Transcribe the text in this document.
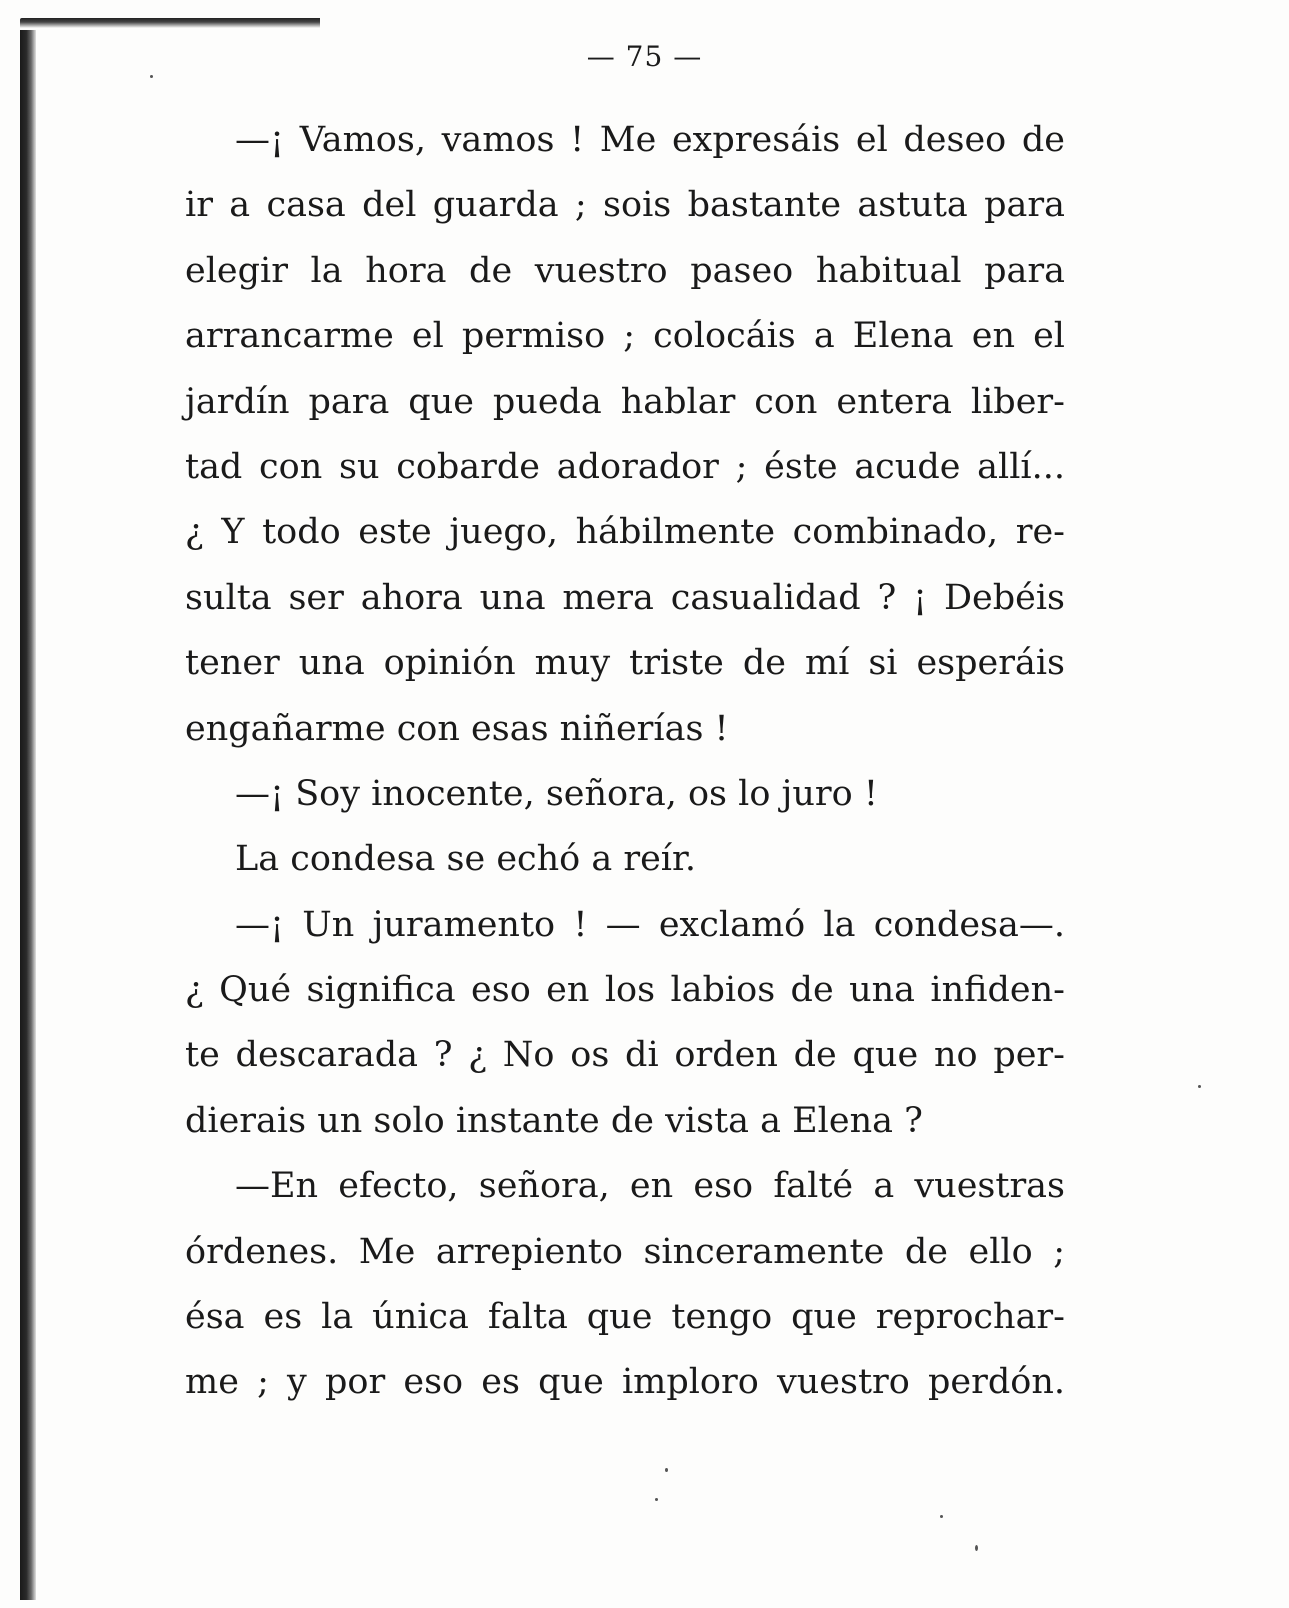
— 75 —
—¡ Vamos, vamos ! Me expresáis el deseo de
ir a casa del guarda ; sois bastante astuta para
elegir la hora de vuestro paseo habitual para
arrancarme el permiso ; colocáis a Elena en el
jardín para que pueda hablar con entera liber-
tad con su cobarde adorador ; éste acude allí...
¿ Y todo este juego, hábilmente combinado, re-
sulta ser ahora una mera casualidad ? ¡ Debéis
tener una opinión muy triste de mí si esperáis
engañarme con esas niñerías !
—¡ Soy inocente, señora, os lo juro !
La condesa se echó a reír.
—¡ Un juramento ! — exclamó la condesa—.
¿ Qué significa eso en los labios de una infiden-
te descarada ? ¿ No os di orden de que no per-
dierais un solo instante de vista a Elena ?
—En efecto, señora, en eso falté a vuestras
órdenes. Me arrepiento sinceramente de ello ;
ésa es la única falta que tengo que reprochar-
me ; y por eso es que imploro vuestro perdón.
